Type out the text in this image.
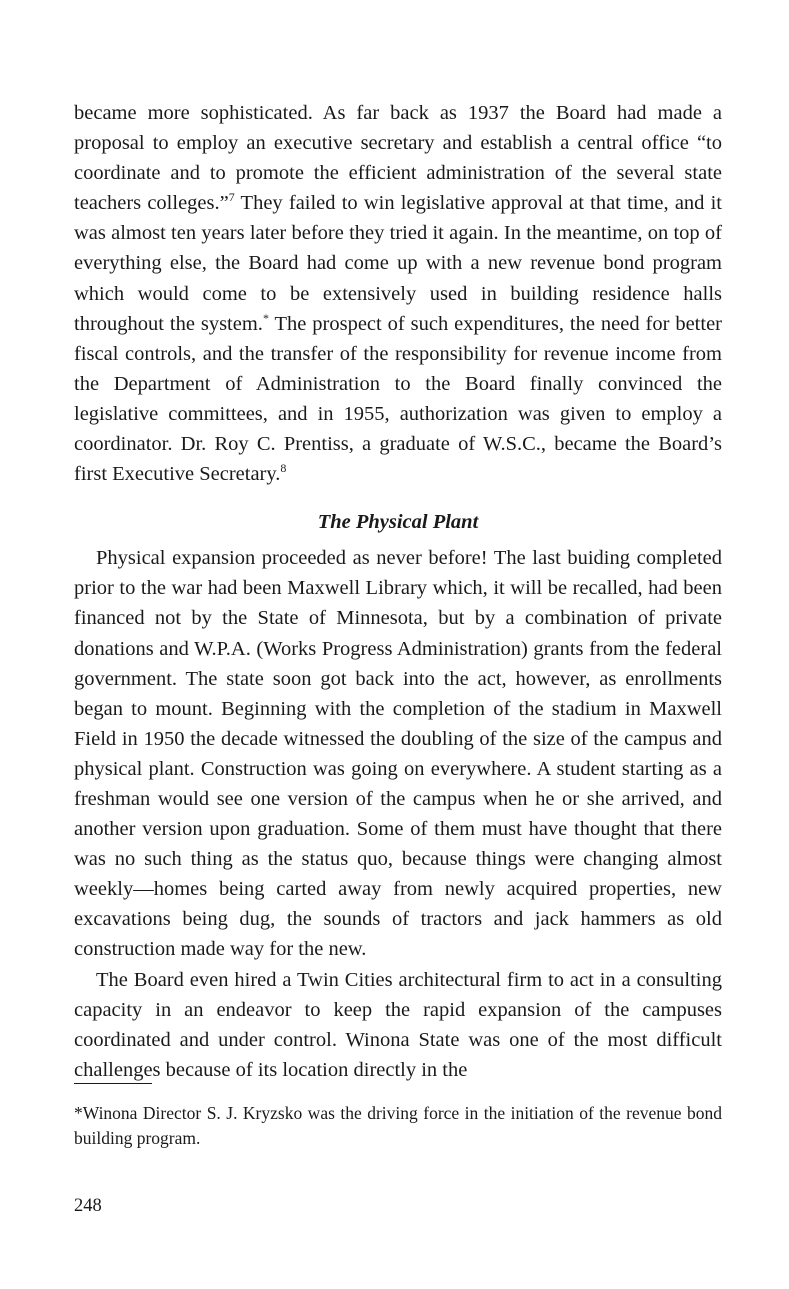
became more sophisticated. As far back as 1937 the Board had made a proposal to employ an executive secretary and establish a central office “to coordinate and to promote the efficient administration of the several state teachers colleges.”$^7$ They failed to win legislative approval at that time, and it was almost ten years later before they tried it again. In the meantime, on top of everything else, the Board had come up with a new revenue bond program which would come to be extensively used in building residence halls throughout the system.* The prospect of such expenditures, the need for better fiscal controls, and the transfer of the responsibility for revenue income from the Department of Administration to the Board finally convinced the legislative committees, and in 1955, authorization was given to employ a coordinator. Dr. Roy C. Prentiss, a graduate of W.S.C., became the Board’s first Executive Secretary.$^8$

The Physical Plant

Physical expansion proceeded as never before! The last buiding completed prior to the war had been Maxwell Library which, it will be recalled, had been financed not by the State of Minnesota, but by a combination of private donations and W.P.A. (Works Progress Administration) grants from the federal government. The state soon got back into the act, however, as enrollments began to mount. Beginning with the completion of the stadium in Maxwell Field in 1950 the decade witnessed the doubling of the size of the campus and physical plant. Construction was going on everywhere. A student starting as a freshman would see one version of the campus when he or she arrived, and another version upon graduation. Some of them must have thought that there was no such thing as the status quo, because things were changing almost weekly—homes being carted away from newly acquired properties, new excavations being dug, the sounds of tractors and jack hammers as old construction made way for the new.

The Board even hired a Twin Cities architectural firm to act in a consulting capacity in an endeavor to keep the rapid expansion of the campuses coordinated and under control. Winona State was one of the most difficult challenges because of its location directly in the

*Winona Director S. J. Kryzsko was the driving force in the initiation of the revenue bond building program.

248
